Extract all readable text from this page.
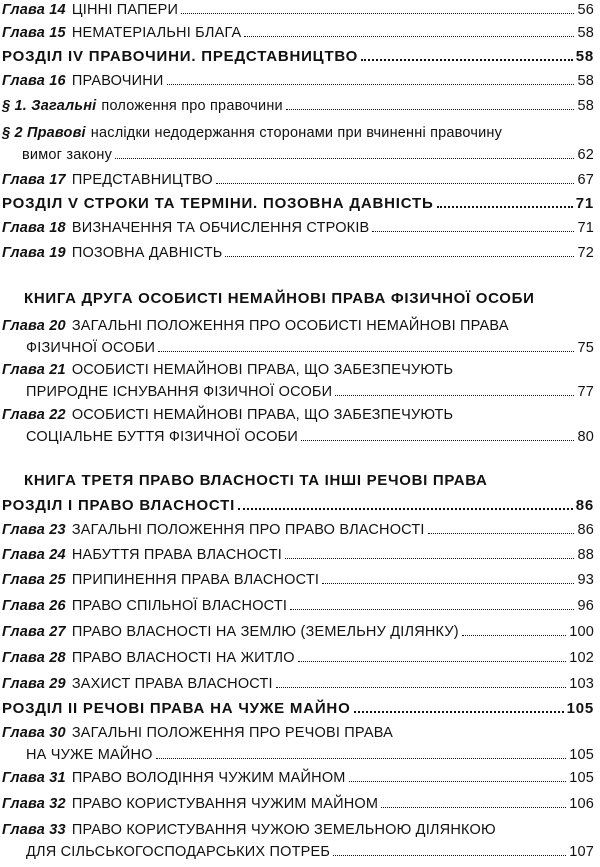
Глава 14 ЦІННІ ПАПЕРИ	56
Глава 15 НЕМАТЕРІАЛЬНІ БЛАГА	58
РОЗДІЛ IV ПРАВОЧИНИ. ПРЕДСТАВНИЦТВО	58
Глава 16 ПРАВОЧИНИ	58
§ 1. Загальні положення про правочини	58
§ 2 Правові наслідки недодержання сторонами при вчиненні правочину
вимог закону	62
Глава 17 ПРЕДСТАВНИЦТВО	67
РОЗДІЛ V СТРОКИ ТА ТЕРМІНИ. ПОЗОВНА ДАВНІСТЬ	71
Глава 18 ВИЗНАЧЕННЯ ТА ОБЧИСЛЕННЯ СТРОКІВ	71
Глава 19 ПОЗОВНА ДАВНІСТЬ	72
КНИГА ДРУГА ОСОБИСТІ НЕМАЙНОВІ ПРАВА ФІЗИЧНОЇ ОСОБИ
Глава 20 ЗАГАЛЬНІ ПОЛОЖЕННЯ ПРО ОСОБИСТІ НЕМАЙНОВІ ПРАВА
ФІЗИЧНОЇ ОСОБИ	75
Глава 21 ОСОБИСТІ НЕМАЙНОВІ ПРАВА, ЩО ЗАБЕЗПЕЧУЮТЬ
ПРИРОДНЕ ІСНУВАННЯ ФІЗИЧНОЇ ОСОБИ	77
Глава 22 ОСОБИСТІ НЕМАЙНОВІ ПРАВА, ЩО ЗАБЕЗПЕЧУЮТЬ
СОЦІАЛЬНЕ БУТТЯ ФІЗИЧНОЇ ОСОБИ	80
КНИГА ТРЕТЯ ПРАВО ВЛАСНОСТІ ТА ІНШІ РЕЧОВІ ПРАВА
РОЗДІЛ І ПРАВО ВЛАСНОСТІ	86
Глава 23 ЗАГАЛЬНІ ПОЛОЖЕННЯ ПРО ПРАВО ВЛАСНОСТІ	86
Глава 24 НАБУТТЯ ПРАВА ВЛАСНОСТІ	88
Глава 25 ПРИПИНЕННЯ ПРАВА ВЛАСНОСТІ	93
Глава 26 ПРАВО СПІЛЬНОЇ ВЛАСНОСТІ	96
Глава 27 ПРАВО ВЛАСНОСТІ НА ЗЕМЛЮ (ЗЕМЕЛЬНУ ДІЛЯНКУ)	100
Глава 28 ПРАВО ВЛАСНОСТІ НА ЖИТЛО	102
Глава 29 ЗАХИСТ ПРАВА ВЛАСНОСТІ	103
РОЗДІЛ ІІ РЕЧОВІ ПРАВА НА ЧУЖЕ МАЙНО	105
Глава 30 ЗАГАЛЬНІ ПОЛОЖЕННЯ ПРО РЕЧОВІ ПРАВА
НА ЧУЖЕ МАЙНО	105
Глава 31 ПРАВО ВОЛОДІННЯ ЧУЖИМ МАЙНОМ	105
Глава 32 ПРАВО КОРИСТУВАННЯ ЧУЖИМ МАЙНОМ	106
Глава 33 ПРАВО КОРИСТУВАННЯ ЧУЖОЮ ЗЕМЕЛЬНОЮ ДІЛЯНКОЮ
ДЛЯ СІЛЬСЬКОГОСПОДАРСЬКИХ ПОТРЕБ	107
